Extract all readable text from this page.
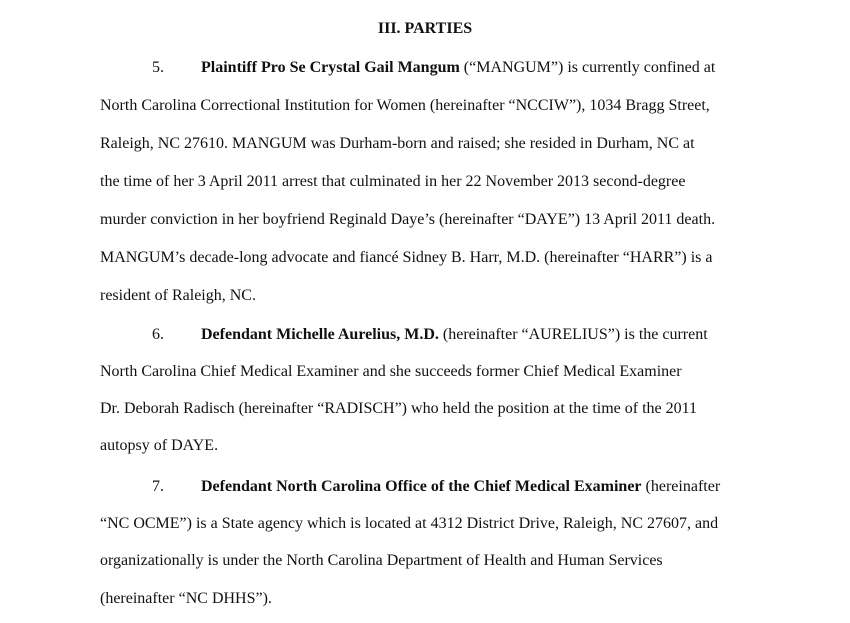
III. PARTIES
5. Plaintiff Pro Se Crystal Gail Mangum (“MANGUM”) is currently confined at
North Carolina Correctional Institution for Women (hereinafter “NCCIW”), 1034 Bragg Street,
Raleigh, NC 27610. MANGUM was Durham-born and raised; she resided in Durham, NC at
the time of her 3 April 2011 arrest that culminated in her 22 November 2013 second-degree
murder conviction in her boyfriend Reginald Daye’s (hereinafter “DAYE”) 13 April 2011 death.
MANGUM’s decade-long advocate and fiancé Sidney B. Harr, M.D. (hereinafter “HARR”) is a
resident of Raleigh, NC.
6. Defendant Michelle Aurelius, M.D. (hereinafter “AURELIUS”) is the current
North Carolina Chief Medical Examiner and she succeeds former Chief Medical Examiner
Dr. Deborah Radisch (hereinafter “RADISCH”) who held the position at the time of the 2011
autopsy of DAYE.
7. Defendant North Carolina Office of the Chief Medical Examiner (hereinafter
“NC OCME”) is a State agency which is located at 4312 District Drive, Raleigh, NC 27607, and
organizationally is under the North Carolina Department of Health and Human Services
(hereinafter “NC DHHS”).
